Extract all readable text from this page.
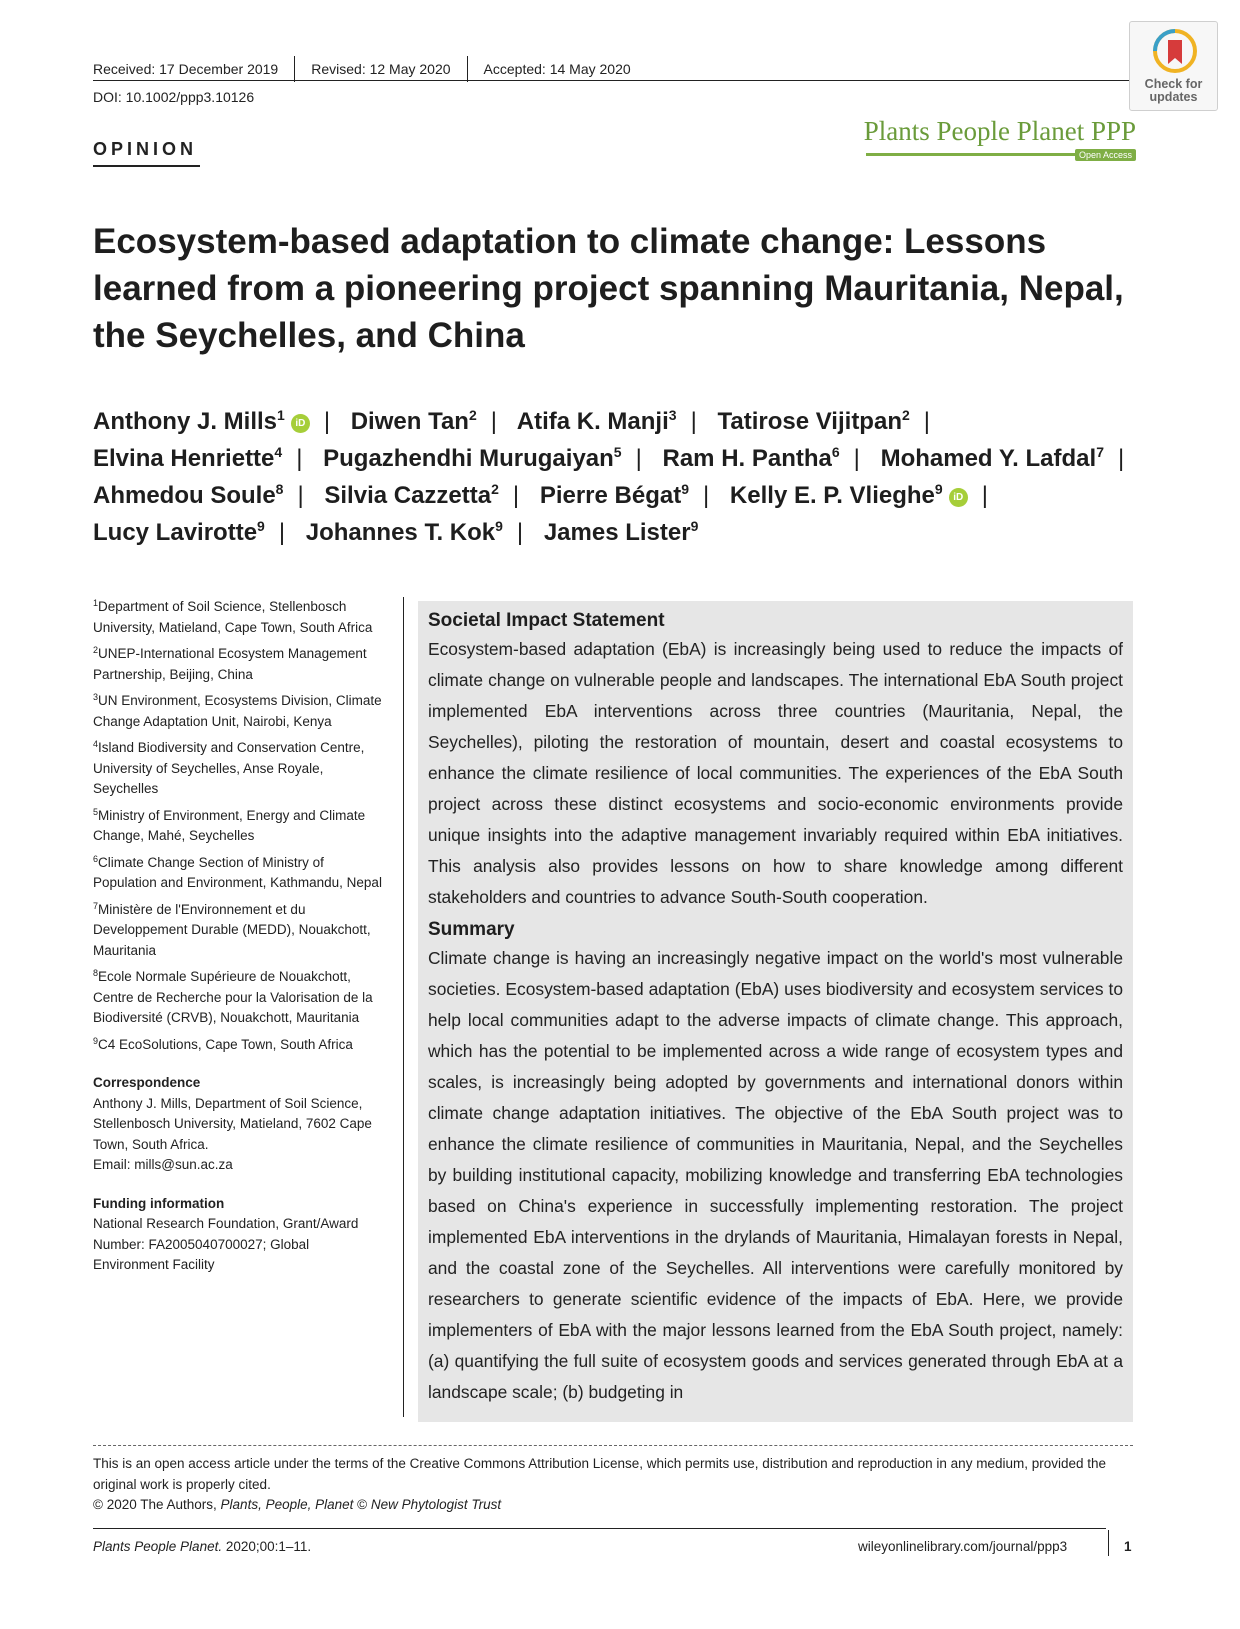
Received: 17 December 2019 Revised: 12 May 2020 Accepted: 14 May 2020
DOI: 10.1002/ppp3.10126
Check for
updates
OPINION
Plants People Planet PPP
Open Access
Ecosystem-based adaptation to climate change: Lessons learned from a pioneering project spanning Mauritania, Nepal, the Seychelles, and China
Anthony J. Mills$^1$iD | Diwen Tan$^2$ | Atifa K. Manji$^3$ | Tatirose Vijitpan$^2$ | Elvina Henriette$^4$ | Pugazhendhi Murugaiyan$^5$ | Ram H. Pantha$^6$ | Mohamed Y. Lafdal$^7$ | Ahmedou Soule$^8$ | Silvia Cazzetta$^2$ | Pierre Bégat$^9$ | Kelly E. P. Vlieghe$^9$iD | Lucy Lavirotte$^9$ | Johannes T. Kok$^9$ | James Lister$^9$
$^1$Department of Soil Science, Stellenbosch University, Matieland, Cape Town, South Africa
$^2$UNEP-International Ecosystem Management Partnership, Beijing, China
$^3$UN Environment, Ecosystems Division, Climate Change Adaptation Unit, Nairobi, Kenya
$^4$Island Biodiversity and Conservation Centre, University of Seychelles, Anse Royale, Seychelles
$^5$Ministry of Environment, Energy and Climate Change, Mahé, Seychelles
$^6$Climate Change Section of Ministry of Population and Environment, Kathmandu, Nepal
$^7$Ministère de l'Environnement et du Developpement Durable (MEDD), Nouakchott, Mauritania
$^8$Ecole Normale Supérieure de Nouakchott, Centre de Recherche pour la Valorisation de la Biodiversité (CRVB), Nouakchott, Mauritania
$^9$C4 EcoSolutions, Cape Town, South Africa
Correspondence
Anthony J. Mills, Department of Soil Science, Stellenbosch University, Matieland, 7602 Cape Town, South Africa.
Email: mills@sun.ac.za
Funding information
National Research Foundation, Grant/Award Number: FA2005040700027; Global Environment Facility
Societal Impact Statement

Ecosystem-based adaptation (EbA) is increasingly being used to reduce the impacts of climate change on vulnerable people and landscapes. The international EbA South project implemented EbA interventions across three countries (Mauritania, Nepal, the Seychelles), piloting the restoration of mountain, desert and coastal ecosystems to enhance the climate resilience of local communities. The experiences of the EbA South project across these distinct ecosystems and socio-economic environments provide unique insights into the adaptive management invariably required within EbA initiatives. This analysis also provides lessons on how to share knowledge among different stakeholders and countries to advance South-South cooperation.

Summary

Climate change is having an increasingly negative impact on the world's most vulnerable societies. Ecosystem-based adaptation (EbA) uses biodiversity and ecosystem services to help local communities adapt to the adverse impacts of climate change. This approach, which has the potential to be implemented across a wide range of ecosystem types and scales, is increasingly being adopted by governments and international donors within climate change adaptation initiatives. The objective of the EbA South project was to enhance the climate resilience of communities in Mauritania, Nepal, and the Seychelles by building institutional capacity, mobilizing knowledge and transferring EbA technologies based on China's experience in successfully implementing restoration. The project implemented EbA interventions in the drylands of Mauritania, Himalayan forests in Nepal, and the coastal zone of the Seychelles. All interventions were carefully monitored by researchers to generate scientific evidence of the impacts of EbA. Here, we provide implementers of EbA with the major lessons learned from the EbA South project, namely: (a) quantifying the full suite of ecosystem goods and services generated through EbA at a landscape scale; (b) budgeting in

This is an open access article under the terms of the Creative Commons Attribution License, which permits use, distribution and reproduction in any medium, provided the original work is properly cited.
© 2020 The Authors, Plants, People, Planet © New Phytologist Trust
Plants People Planet. 2020;00:1–11.	wileyonlinelibrary.com/journal/ppp3	1
